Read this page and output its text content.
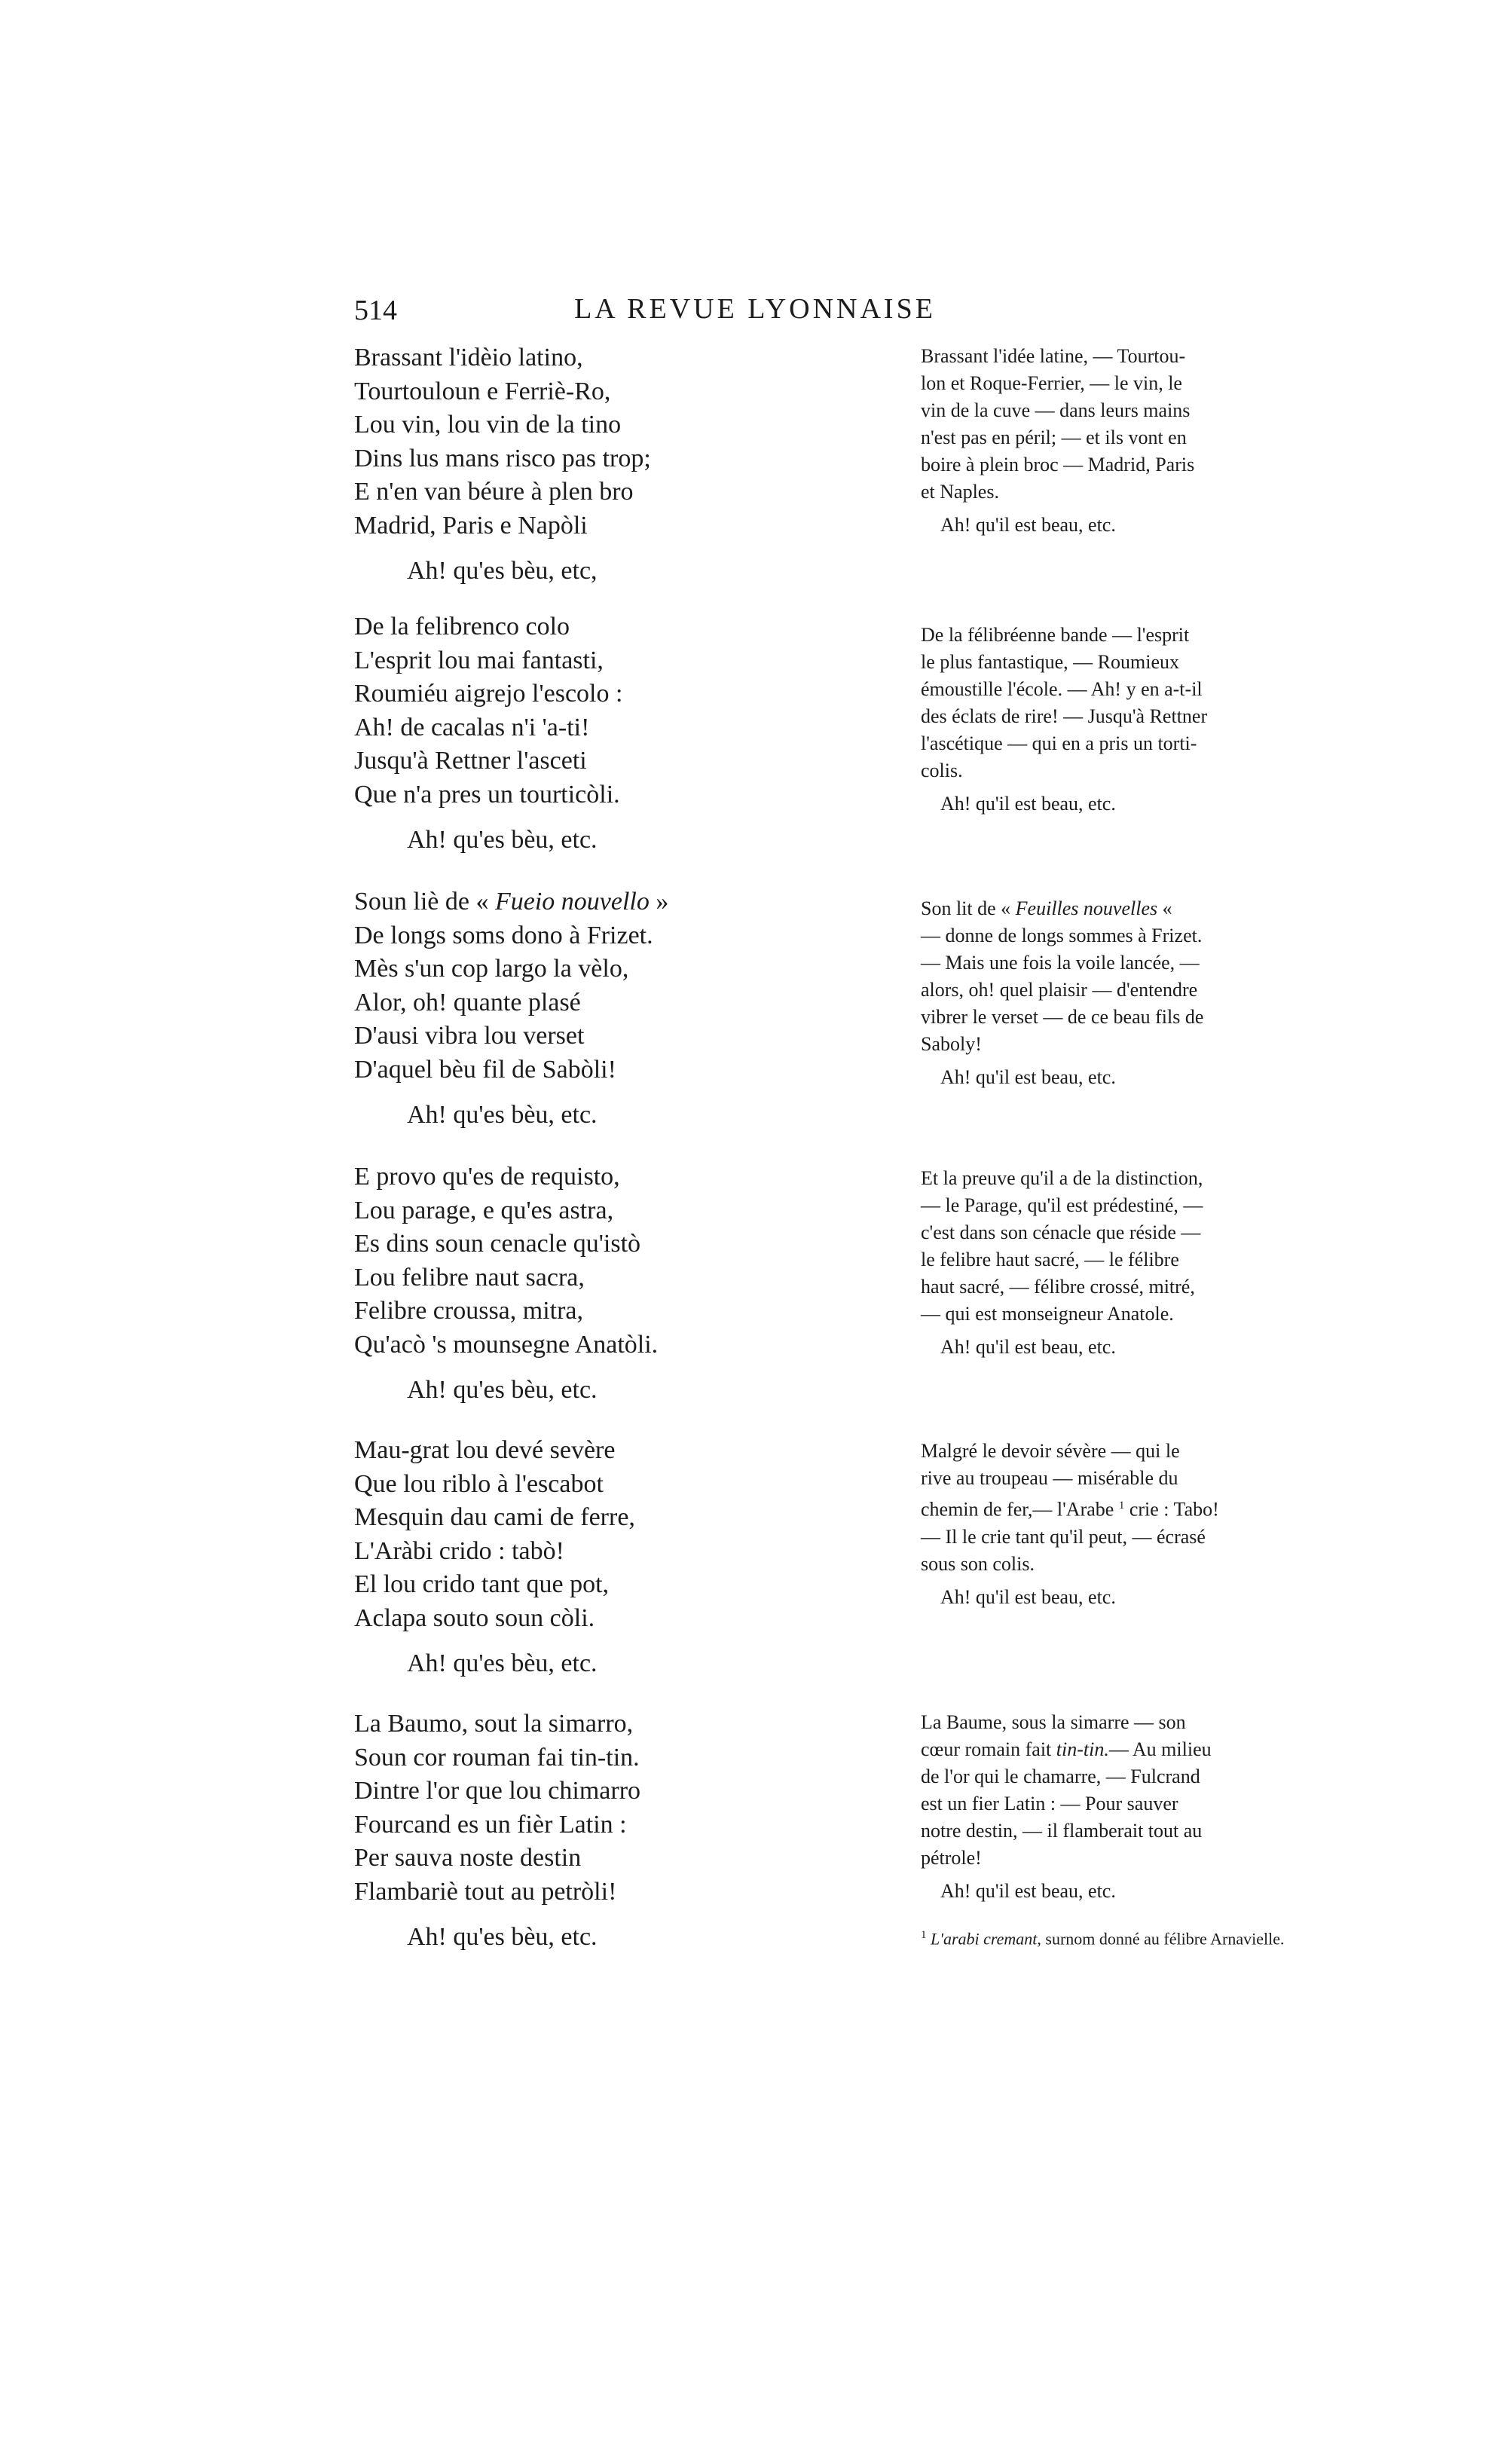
514	LA REVUE LYONNAISE
Brassant l'idèio latino,
Tourtouloun e Ferriè-Ro,
Lou vin, lou vin de la tino
Dins lus mans risco pas trop;
E n'en van béure à plen bro
Madrid, Paris e Napòli
Ah! qu'es bèu, etc,
De la felibrenco colo
L'esprit lou mai fantasti,
Roumiéu aigrejo l'escolo :
Ah! de cacalas n'i 'a-ti!
Jusqu'à Rettner l'asceti
Que n'a pres un tourticòli.
Ah! qu'es bèu, etc.
Soun liè de « Fueio nouvello »
De longs soms dono à Frizet.
Mès s'un cop largo la vèlo,
Alor, oh! quante plasé
D'ausi vibra lou verset
D'aquel bèu fil de Sabòli!
Ah! qu'es bèu, etc.
E provo qu'es de requisto,
Lou parage, e qu'es astra,
Es dins soun cenacle qu'istò
Lou felibre naut sacra,
Felibre croussa, mitra,
Qu'acò 's mounsegne Anatòli.
Ah! qu'es bèu, etc.
Mau-grat lou devé sevère
Que lou riblo à l'escabot
Mesquin dau cami de ferre,
L'Aràbi crido : tabò!
El lou crido tant que pot,
Aclapa souto soun còli.
Ah! qu'es bèu, etc.
La Baumo, sout la simarro,
Soun cor rouman fai tin-tin.
Dintre l'or que lou chimarro
Fourcand es un fièr Latin :
Per sauva noste destin
Flambariè tout au petròli!
Ah! qu'es bèu, etc.
Brassant l'idée latine, — Tourtou-
lon et Roque-Ferrier, — le vin, le
vin de la cuve — dans leurs mains
n'est pas en péril; — et ils vont en
boire à plein broc — Madrid, Paris
et Naples.
Ah! qu'il est beau, etc.
De la félibréenne bande — l'esprit
le plus fantastique, — Roumieux
émoustille l'école. — Ah! y en a-t-il
des éclats de rire! — Jusqu'à Rettner
l'ascétique — qui en a pris un torti-
colis.
Ah! qu'il est beau, etc.
Son lit de « Feuilles nouvelles «
— donne de longs sommes à Frizet.
— Mais une fois la voile lancée, —
alors, oh! quel plaisir — d'entendre
vibrer le verset — de ce beau fils de
Saboly!
Ah! qu'il est beau, etc.
Et la preuve qu'il a de la distinction,
— le Parage, qu'il est prédestiné, —
c'est dans son cénacle que réside —
le felibre haut sacré, — le félibre
haut sacré, — félibre crossé, mitré,
— qui est monseigneur Anatole.
Ah! qu'il est beau, etc.
Malgré le devoir sévère — qui le
rive au troupeau — misérable du
chemin de fer,— l'Arabe $^1$ crie : Tabo!
— Il le crie tant qu'il peut, — écrasé
sous son colis.
Ah! qu'il est beau, etc.
La Baume, sous la simarre — son
cœur romain fait tin-tin.— Au milieu
de l'or qui le chamarre, — Fulcrand
est un fier Latin : — Pour sauver
notre destin, — il flamberait tout au
pétrole!
Ah! qu'il est beau, etc.
$^1$ L'arabi cremant, surnom donné au félibre Arnavielle.
